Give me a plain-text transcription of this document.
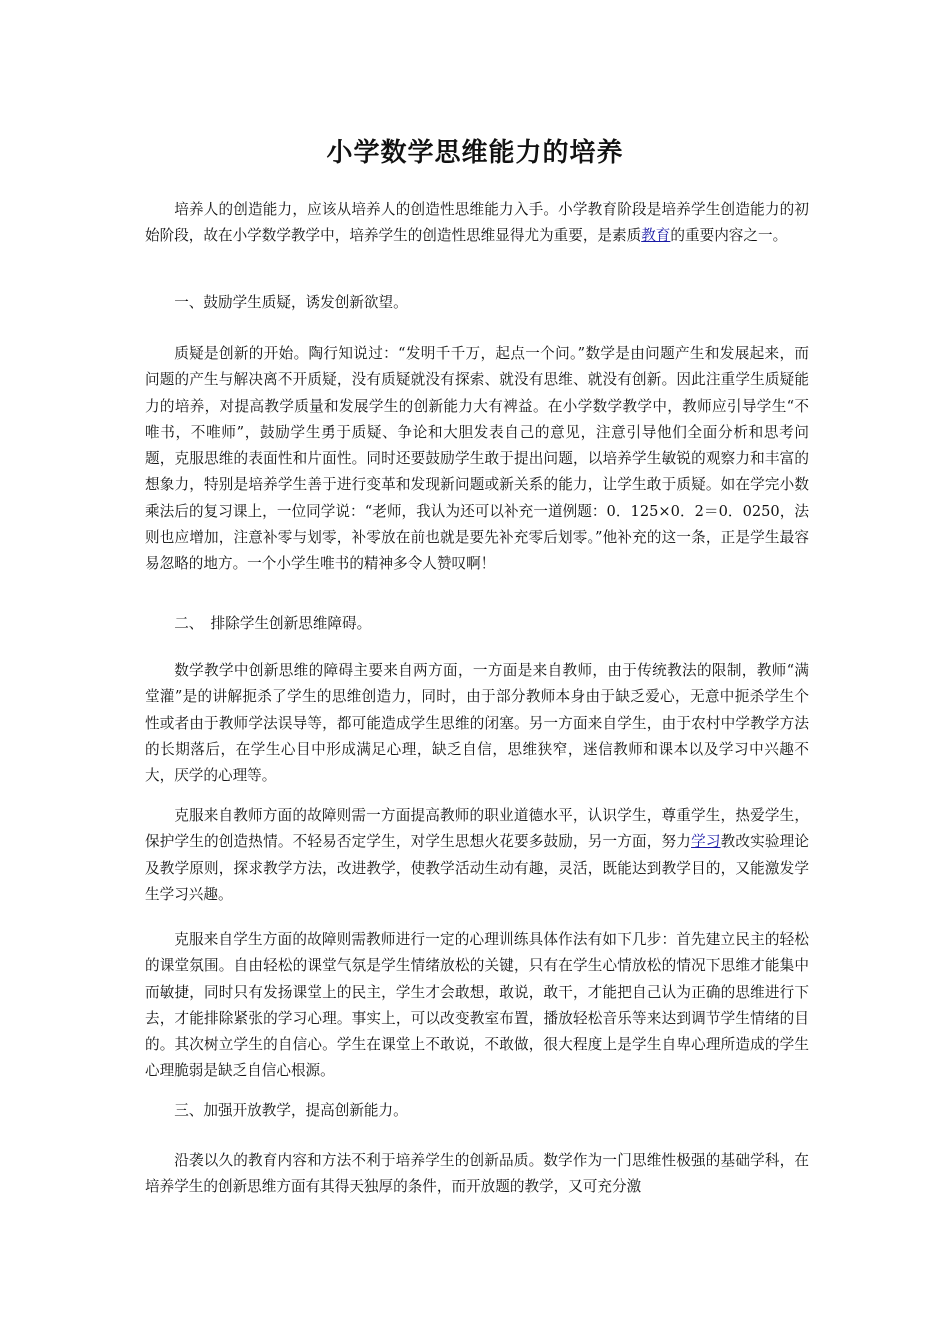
小学数学思维能力的培养

培养人的创造能力，应该从培养人的创造性思维能力入手。小学教育阶段是培养学生创造能力的初始阶段，故在小学数学教学中，培养学生的创造性思维显得尤为重要，是素质教育的重要内容之一。

一、鼓励学生质疑，诱发创新欲望。

质疑是创新的开始。陶行知说过：“发明千千万，起点一个问。”数学是由问题产生和发展起来，而问题的产生与解决离不开质疑，没有质疑就没有探索、就没有思维、就没有创新。因此注重学生质疑能力的培养，对提高教学质量和发展学生的创新能力大有裨益。在小学数学教学中，教师应引导学生“不唯书，不唯师”，鼓励学生勇于质疑、争论和大胆发表自己的意见，注意引导他们全面分析和思考问题，克服思维的表面性和片面性。同时还要鼓励学生敢于提出问题，以培养学生敏锐的观察力和丰富的想象力，特别是培养学生善于进行变革和发现新问题或新关系的能力，让学生敢于质疑。如在学完小数乘法后的复习课上，一位同学说：“老师，我认为还可以补充一道例题：0．125×0．2＝0．0250，法则也应增加，注意补零与划零，补零放在前也就是要先补充零后划零。”他补充的这一条，正是学生最容易忽略的地方。一个小学生唯书的精神多令人赞叹啊！

二、　排除学生创新思维障碍。

数学教学中创新思维的障碍主要来自两方面，一方面是来自教师，由于传统教法的限制，教师“满堂灌”是的讲解扼杀了学生的思维创造力，同时，由于部分教师本身由于缺乏爱心，无意中扼杀学生个性或者由于教师学法误导等，都可能造成学生思维的闭塞。另一方面来自学生，由于农村中学教学方法的长期落后，在学生心目中形成满足心理，缺乏自信，思维狭窄，迷信教师和课本以及学习中兴趣不大，厌学的心理等。

克服来自教师方面的故障则需一方面提高教师的职业道德水平，认识学生，尊重学生，热爱学生，保护学生的创造热情。不轻易否定学生，对学生思想火花要多鼓励，另一方面，努力学习教改实验理论及教学原则，探求教学方法，改进教学，使教学活动生动有趣，灵活，既能达到教学目的，又能激发学生学习兴趣。

克服来自学生方面的故障则需教师进行一定的心理训练具体作法有如下几步：首先建立民主的轻松的课堂氛围。自由轻松的课堂气氛是学生情绪放松的关键，只有在学生心情放松的情况下思维才能集中而敏捷，同时只有发扬课堂上的民主，学生才会敢想，敢说，敢干，才能把自己认为正确的思维进行下去，才能排除紧张的学习心理。事实上，可以改变教室布置，播放轻松音乐等来达到调节学生情绪的目的。其次树立学生的自信心。学生在课堂上不敢说，不敢做，很大程度上是学生自卑心理所造成的学生心理脆弱是缺乏自信心根源。

三、加强开放教学，提高创新能力。

沿袭以久的教育内容和方法不利于培养学生的创新品质。数学作为一门思维性极强的基础学科，在培养学生的创新思维方面有其得天独厚的条件，而开放题的教学，又可充分激
